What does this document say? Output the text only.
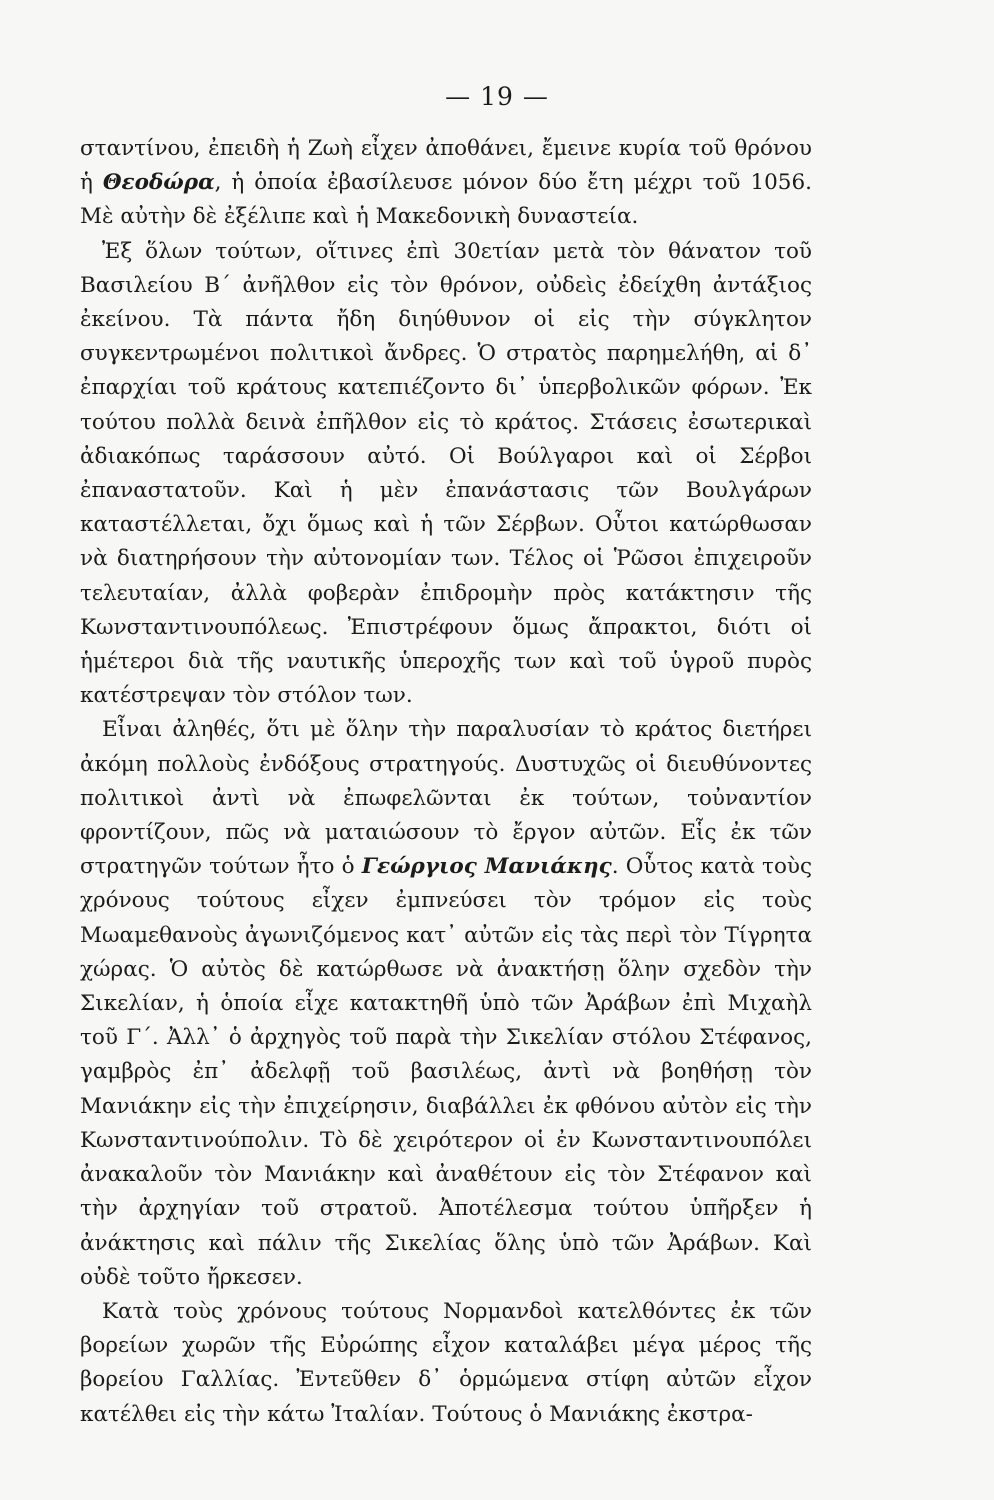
— 19 —

σταντίνου, ἐπειδὴ ἡ Ζωὴ εἶχεν ἀποθάνει, ἔμεινε κυρία τοῦ θρόνου ἡ Θεοδώρα, ἡ ὁποία ἐβασίλευσε μόνον δύο ἔτη μέχρι τοῦ 1056. Μὲ αὐτὴν δὲ ἐξέλιπε καὶ ἡ Μακεδονικὴ δυναστεία.

Ἐξ ὅλων τούτων, οἵτινες ἐπὶ 30ετίαν μετὰ τὸν θάνατον τοῦ Βασιλείου Β´ ἀνῆλθον εἰς τὸν θρόνον, οὐδεὶς ἐδείχθη ἀντάξιος ἐκείνου. Τὰ πάντα ἤδη διηύθυνον οἱ εἰς τὴν σύγκλητον συγκεντρωμένοι πολιτικοὶ ἄνδρες. Ὁ στρατὸς παρημελήθη, αἱ δ᾽ ἐπαρχίαι τοῦ κράτους κατεπιέζοντο δι᾽ ὑπερβολικῶν φόρων. Ἐκ τούτου πολλὰ δεινὰ ἐπῆλθον εἰς τὸ κράτος. Στάσεις ἐσωτερικαὶ ἀδιακόπως ταράσσουν αὐτό. Οἱ Βούλγαροι καὶ οἱ Σέρβοι ἐπαναστατοῦν. Καὶ ἡ μὲν ἐπανάστασις τῶν Βουλγάρων καταστέλλεται, ὄχι ὅμως καὶ ἡ τῶν Σέρβων. Οὗτοι κατώρθωσαν νὰ διατηρήσουν τὴν αὐτονομίαν των. Τέλος οἱ Ῥῶσοι ἐπιχειροῦν τελευταίαν, ἀλλὰ φοβερὰν ἐπιδρομὴν πρὸς κατάκτησιν τῆς Κωνσταντινουπόλεως. Ἐπιστρέφουν ὅμως ἄπρακτοι, διότι οἱ ἡμέτεροι διὰ τῆς ναυτικῆς ὑπεροχῆς των καὶ τοῦ ὑγροῦ πυρὸς κατέστρεψαν τὸν στόλον των.

Εἶναι ἀληθές, ὅτι μὲ ὅλην τὴν παραλυσίαν τὸ κράτος διετήρει ἀκόμη πολλοὺς ἐνδόξους στρατηγούς. Δυστυχῶς οἱ διευθύνοντες πολιτικοὶ ἀντὶ νὰ ἐπωφελῶνται ἐκ τούτων, τοὐναντίον φροντίζουν, πῶς νὰ ματαιώσουν τὸ ἔργον αὐτῶν. Εἷς ἐκ τῶν στρατηγῶν τούτων ἦτο ὁ Γεώργιος Μανιάκης. Οὗτος κατὰ τοὺς χρόνους τούτους εἶχεν ἐμπνεύσει τὸν τρόμον εἰς τοὺς Μωαμεθανοὺς ἀγωνιζόμενος κατ᾽ αὐτῶν εἰς τὰς περὶ τὸν Τίγρητα χώρας. Ὁ αὐτὸς δὲ κατώρθωσε νὰ ἀνακτήσῃ ὅλην σχεδὸν τὴν Σικελίαν, ἡ ὁποία εἶχε κατακτηθῆ ὑπὸ τῶν Ἀράβων ἐπὶ Μιχαὴλ τοῦ Γ´. Ἀλλ᾽ ὁ ἀρχηγὸς τοῦ παρὰ τὴν Σικελίαν στόλου Στέφανος, γαμβρὸς ἐπ᾽ ἀδελφῇ τοῦ βασιλέως, ἀντὶ νὰ βοηθήσῃ τὸν Μανιάκην εἰς τὴν ἐπιχείρησιν, διαβάλλει ἐκ φθόνου αὐτὸν εἰς τὴν Κωνσταντινούπολιν. Τὸ δὲ χειρότερον οἱ ἐν Κωνσταντινουπόλει ἀνακαλοῦν τὸν Μανιάκην καὶ ἀναθέτουν εἰς τὸν Στέφανον καὶ τὴν ἀρχηγίαν τοῦ στρατοῦ. Ἀποτέλεσμα τούτου ὑπῆρξεν ἡ ἀνάκτησις καὶ πάλιν τῆς Σικελίας ὅλης ὑπὸ τῶν Ἀράβων. Καὶ οὐδὲ τοῦτο ἤρκεσεν.

Κατὰ τοὺς χρόνους τούτους Νορμανδοὶ κατελθόντες ἐκ τῶν βορείων χωρῶν τῆς Εὐρώπης εἶχον καταλάβει μέγα μέρος τῆς βορείου Γαλλίας. Ἐντεῦθεν δ᾽ ὁρμώμενα στίφη αὐτῶν εἶχον κατέλθει εἰς τὴν κάτω Ἰταλίαν. Τούτους ὁ Μανιάκης ἐκστρα-
